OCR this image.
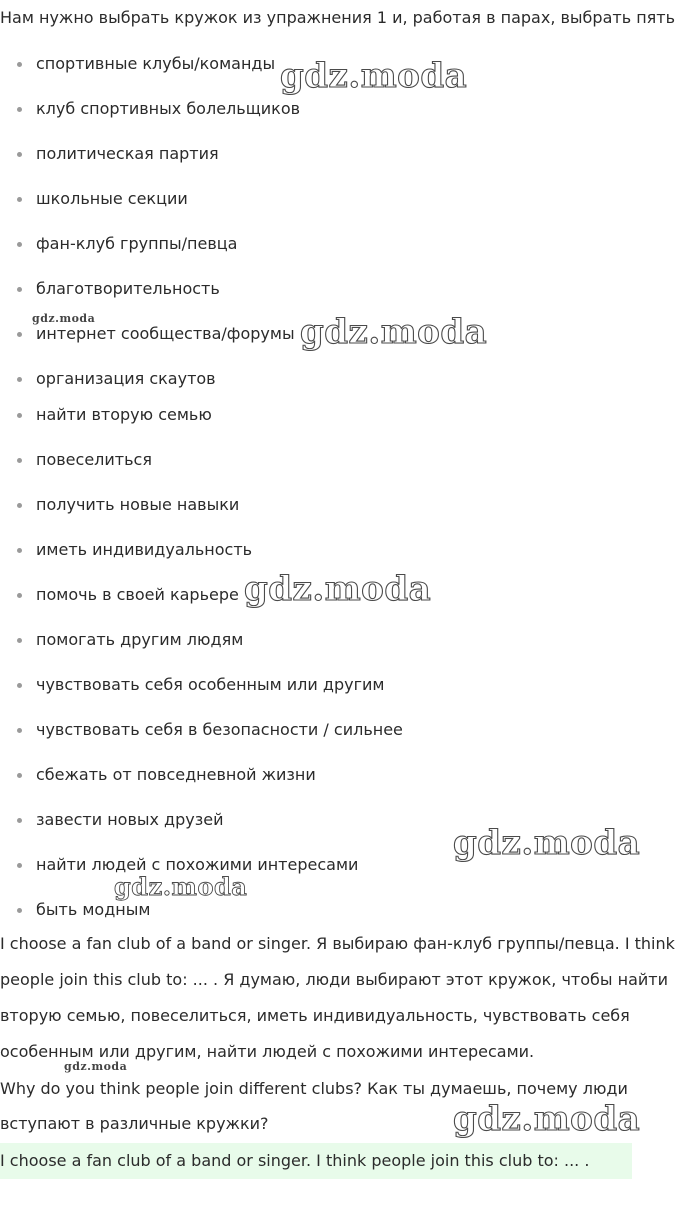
Нам нужно выбрать кружок из упражнения 1 и, работая в парах, выбрать пять
спортивные клубы/команды
клуб спортивных болельщиков
политическая партия
школьные секции
фан-клуб группы/певца
благотворительность
интернет сообщества/форумы
организация скаутов
найти вторую семью
повеселиться
получить новые навыки
иметь индивидуальность
помочь в своей карьере
помогать другим людям
чувствовать себя особенным или другим
чувствовать себя в безопасности / сильнее
сбежать от повседневной жизни
завести новых друзей
найти людей с похожими интересами
быть модным

I choose a fan club of a band or singer. Я выбираю фан-клуб группы/певца. I think people join this club to: ... . Я думаю, люди выбирают этот кружок, чтобы найти вторую семью, повеселиться, иметь индивидуальность, чувствовать себя особенным или другим, найти людей с похожими интересами.

Why do you think people join different clubs? Как ты думаешь, почему люди вступают в различные кружки?

I choose a fan club of a band or singer. I think people join this club to: ... .
gdz.moda
gdz.moda	gdz.moda
gdz.moda
gdz.moda
gdz.moda
gdz.moda
gdz.moda
